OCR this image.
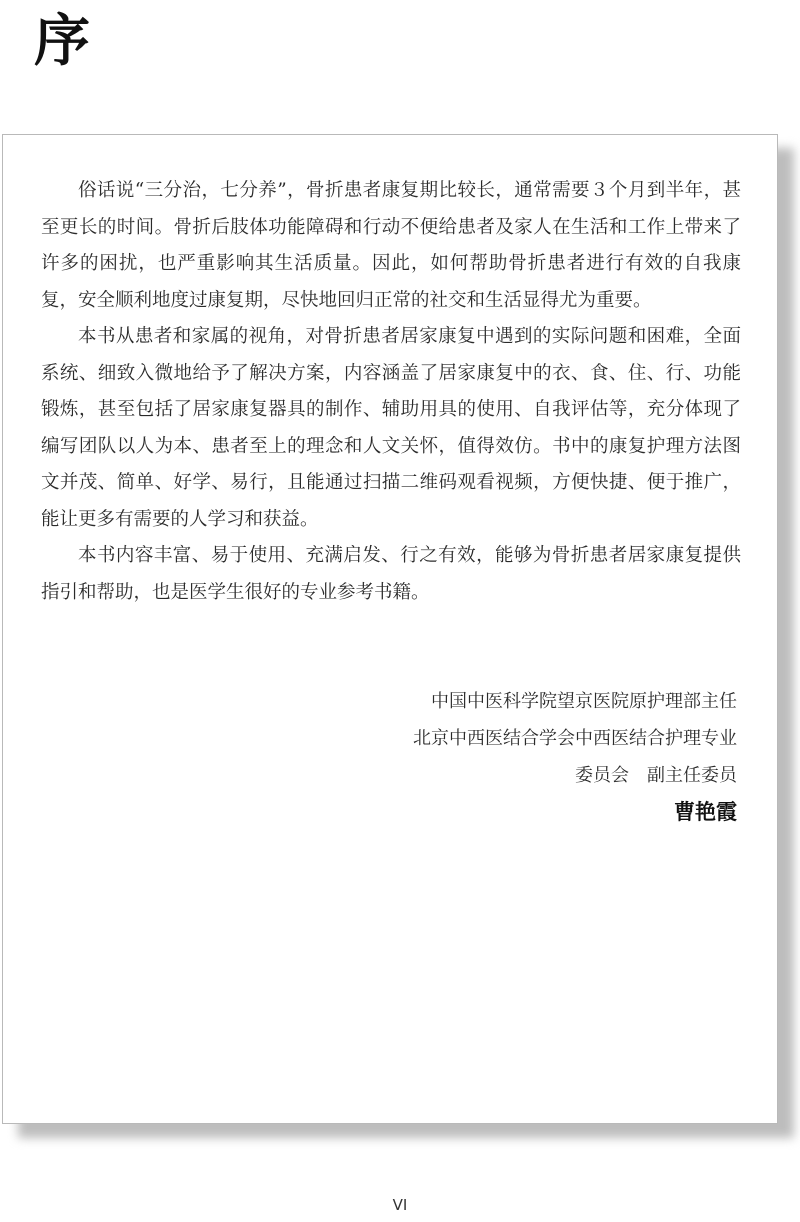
序

俗话说“三分治，七分养”，骨折患者康复期比较长，通常需要３个月到半年，甚至更长的时间。骨折后肢体功能障碍和行动不便给患者及家人在生活和工作上带来了许多的困扰，也严重影响其生活质量。因此，如何帮助骨折患者进行有效的自我康复，安全顺利地度过康复期，尽快地回归正常的社交和生活显得尤为重要。

本书从患者和家属的视角，对骨折患者居家康复中遇到的实际问题和困难，全面系统、细致入微地给予了解决方案，内容涵盖了居家康复中的衣、食、住、行、功能锻炼，甚至包括了居家康复器具的制作、辅助用具的使用、自我评估等，充分体现了编写团队以人为本、患者至上的理念和人文关怀，值得效仿。书中的康复护理方法图文并茂、简单、好学、易行，且能通过扫描二维码观看视频，方便快捷、便于推广，能让更多有需要的人学习和获益。

本书内容丰富、易于使用、充满启发、行之有效，能够为骨折患者居家康复提供指引和帮助，也是医学生很好的专业参考书籍。

中国中医科学院望京医院原护理部主任
北京中西医结合学会中西医结合护理专业
委员会　副主任委员
曹艳霞
VI
